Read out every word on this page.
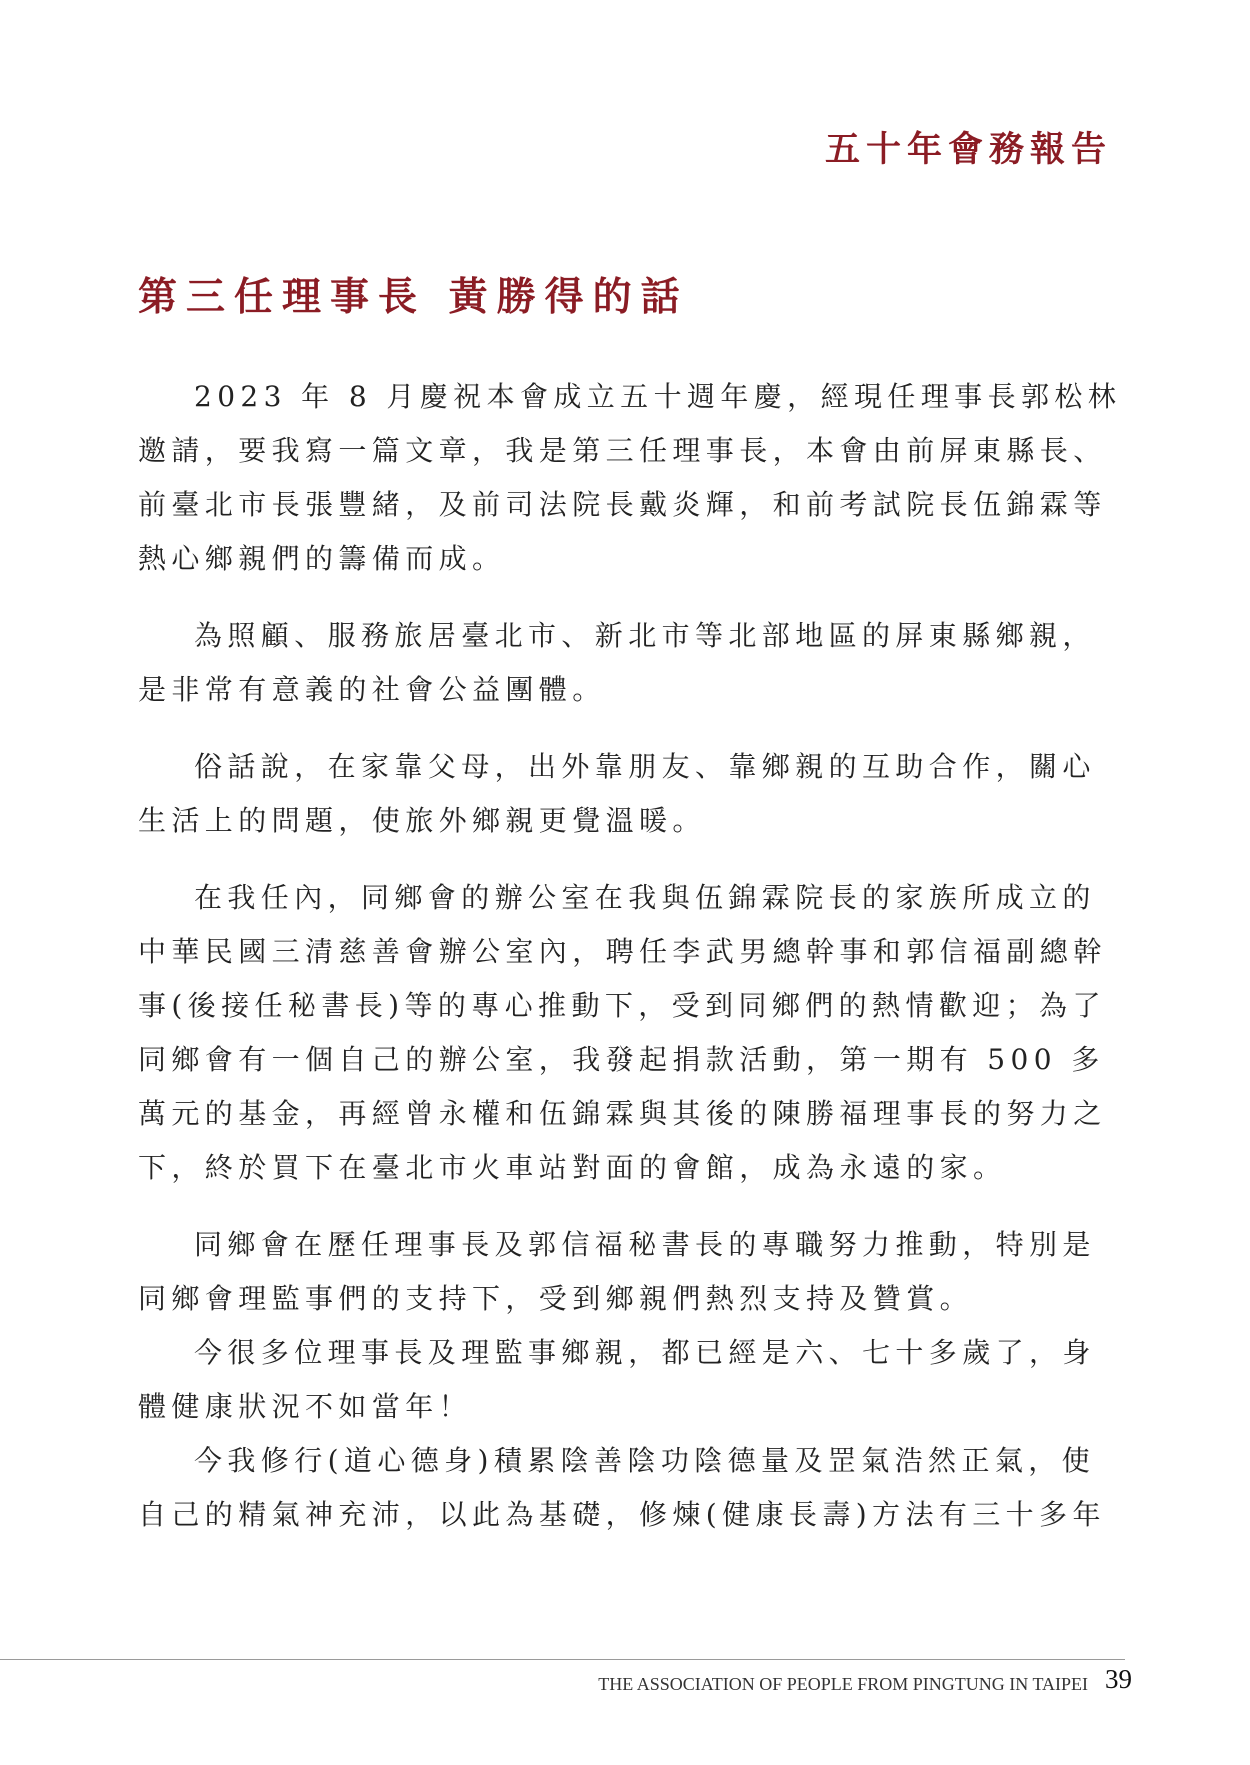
五十年會務報告
第三任理事長 黃勝得的話

2023 年 8 月慶祝本會成立五十週年慶，經現任理事長郭松林邀請，要我寫一篇文章，我是第三任理事長，本會由前屏東縣長、前臺北市長張豐緒，及前司法院長戴炎輝，和前考試院長伍錦霖等熱心鄉親們的籌備而成。

為照顧、服務旅居臺北市、新北市等北部地區的屏東縣鄉親，是非常有意義的社會公益團體。

俗話說，在家靠父母，出外靠朋友、靠鄉親的互助合作，關心生活上的問題，使旅外鄉親更覺溫暖。

在我任內，同鄉會的辦公室在我與伍錦霖院長的家族所成立的中華民國三清慈善會辦公室內，聘任李武男總幹事和郭信福副總幹事(後接任秘書長)等的專心推動下，受到同鄉們的熱情歡迎；為了同鄉會有一個自己的辦公室，我發起捐款活動，第一期有 500 多萬元的基金，再經曾永權和伍錦霖與其後的陳勝福理事長的努力之下，終於買下在臺北市火車站對面的會館，成為永遠的家。

同鄉會在歷任理事長及郭信福秘書長的專職努力推動，特別是同鄉會理監事們的支持下，受到鄉親們熱烈支持及贊賞。

今很多位理事長及理監事鄉親，都已經是六、七十多歲了，身體健康狀況不如當年！

今我修行(道心德身)積累陰善陰功陰德量及罡氣浩然正氣，使自己的精氣神充沛，以此為基礎，修煉(健康長壽)方法有三十多年

THE ASSOCIATION OF PEOPLE FROM PINGTUNG IN TAIPEI 39
